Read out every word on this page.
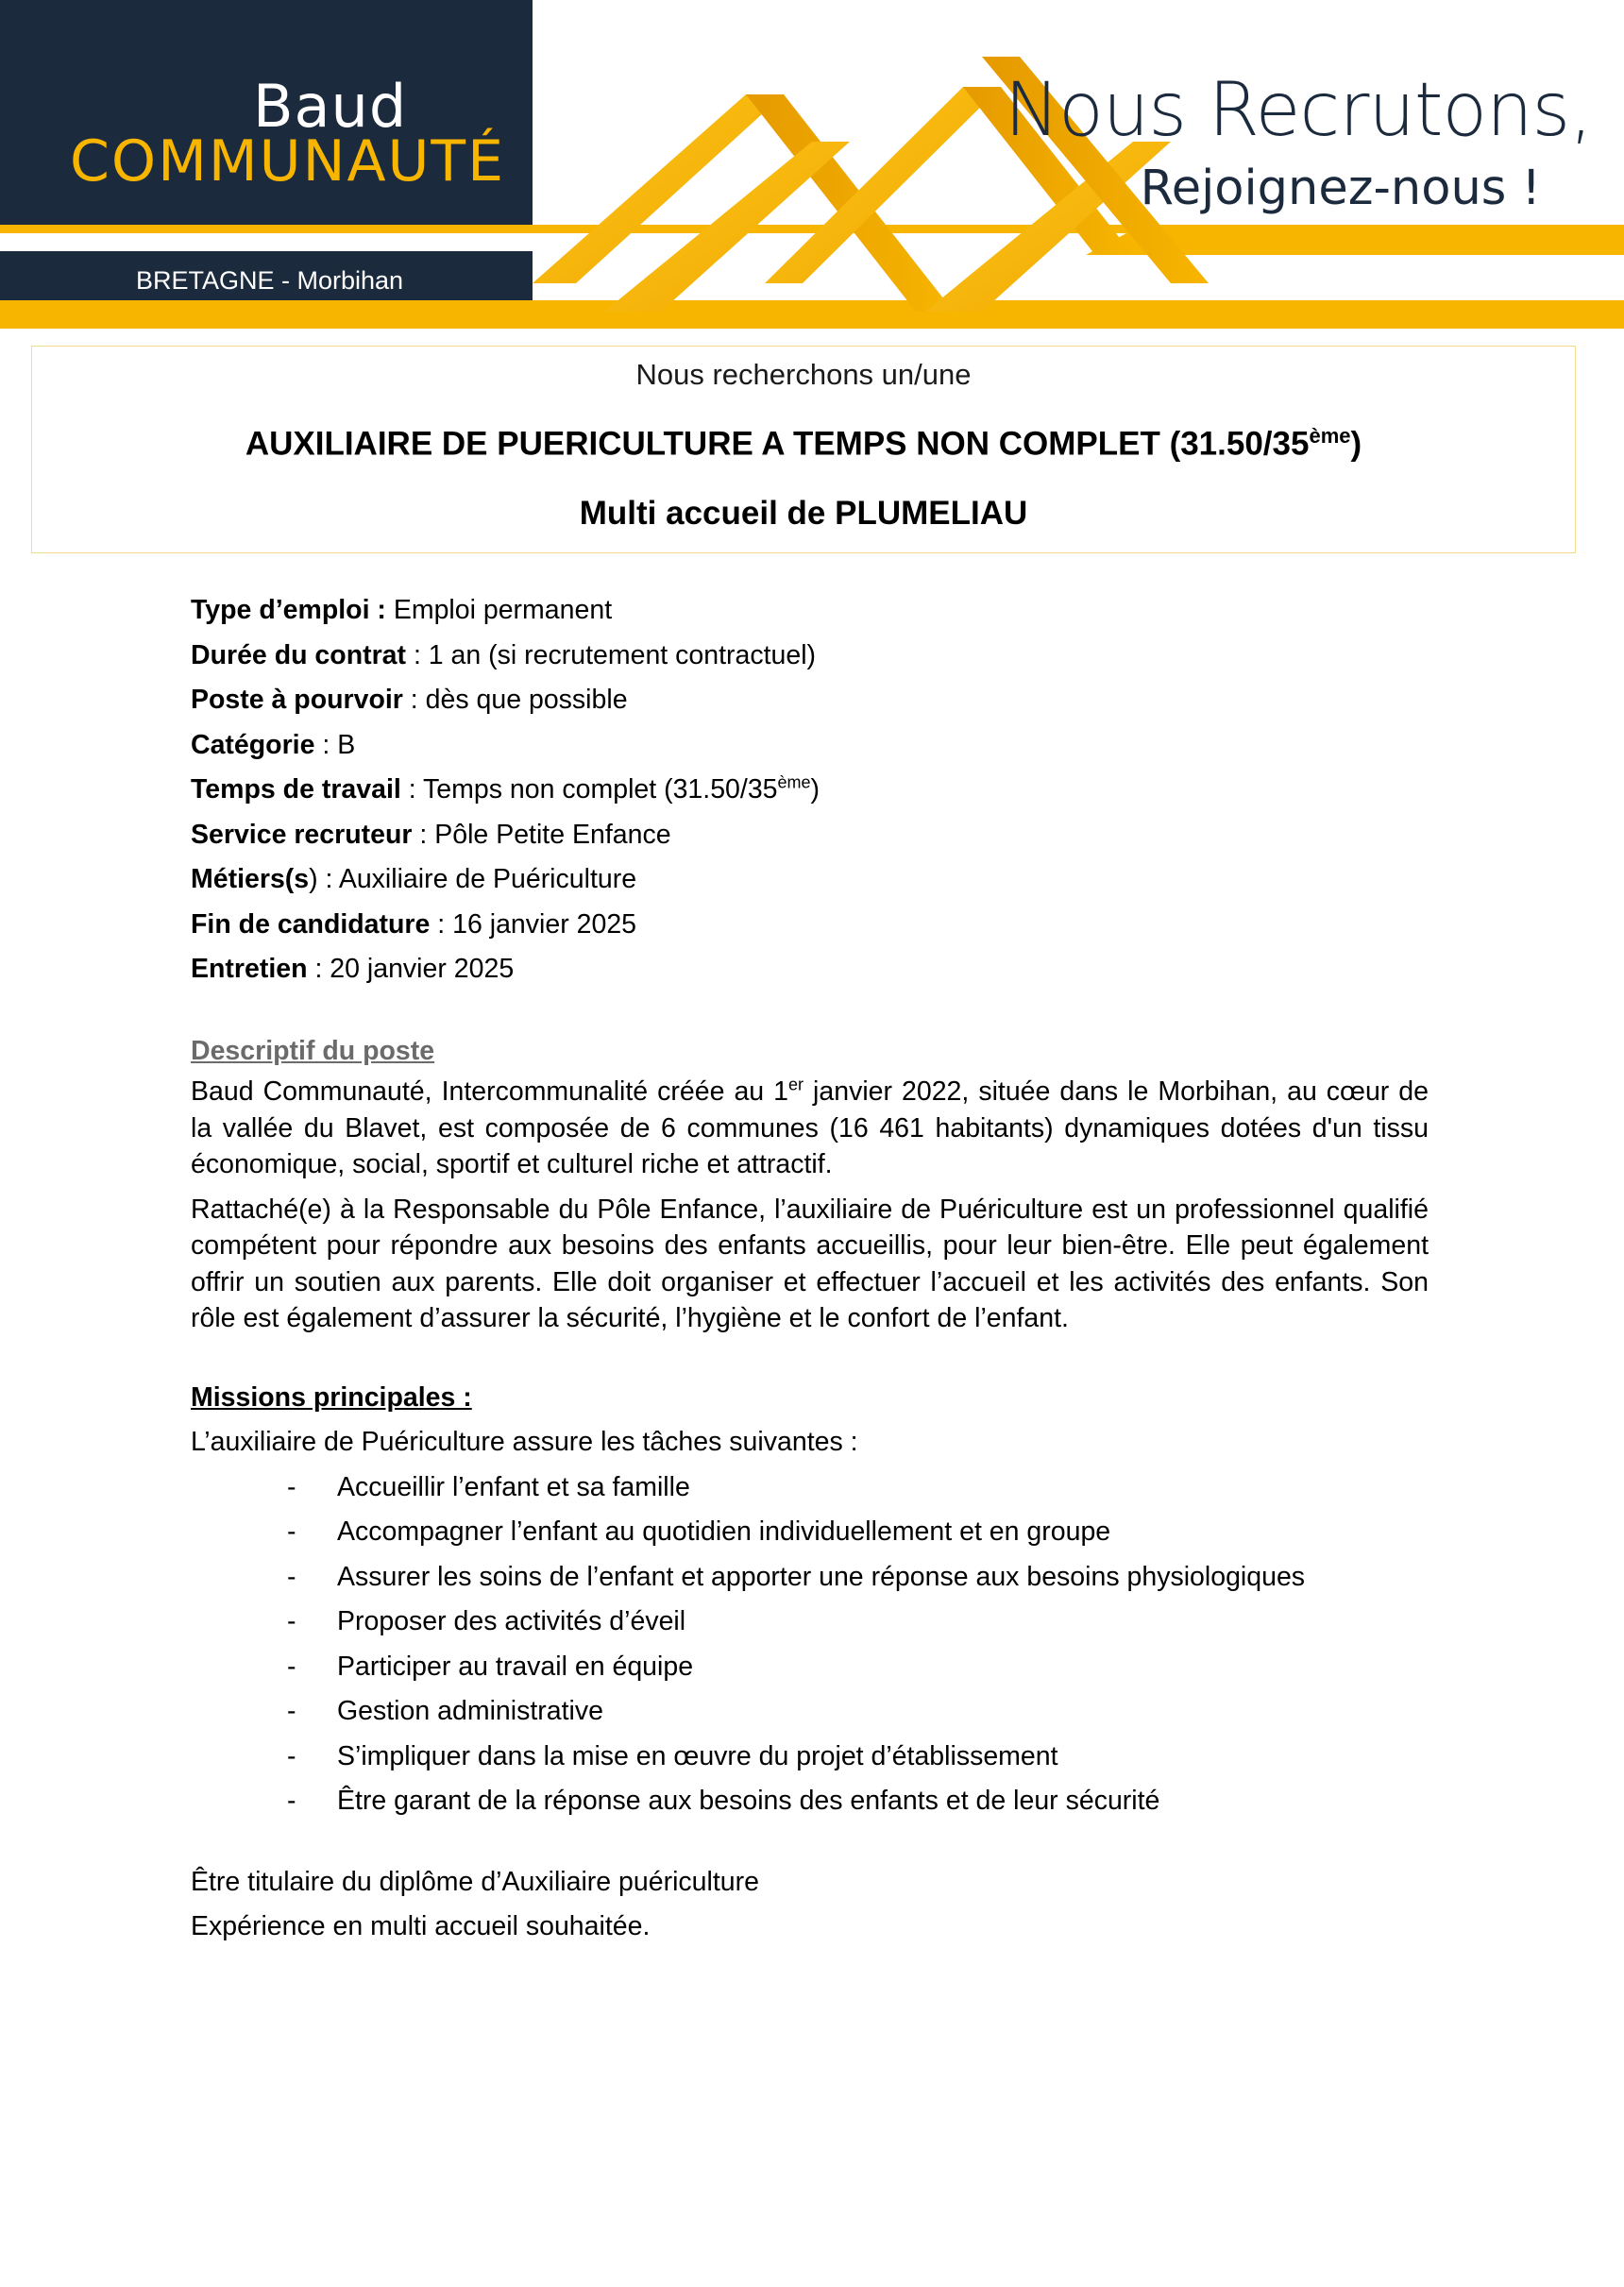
Baud
COMMUNAUTÉ
BRETAGNE - Morbihan
Nous Recrutons,
Rejoignez-nous !
Nous recherchons un/une
AUXILIAIRE DE PUERICULTURE A TEMPS NON COMPLET (31.50/35ème)
Multi accueil de PLUMELIAU
Type d’emploi : Emploi permanent
Durée du contrat : 1 an (si recrutement contractuel)
Poste à pourvoir : dès que possible
Catégorie : B
Temps de travail : Temps non complet (31.50/35ème)
Service recruteur : Pôle Petite Enfance
Métiers(s) : Auxiliaire de Puériculture
Fin de candidature : 16 janvier 2025
Entretien : 20 janvier 2025
Descriptif du poste
Baud Communauté, Intercommunalité créée au 1er janvier 2022, située dans le Morbihan, au cœur de la vallée du Blavet, est composée de 6 communes (16 461 habitants) dynamiques dotées d'un tissu économique, social, sportif et culturel riche et attractif.
Rattaché(e) à la Responsable du Pôle Enfance, l’auxiliaire de Puériculture est un professionnel qualifié compétent pour répondre aux besoins des enfants accueillis, pour leur bien-être. Elle peut également offrir un soutien aux parents. Elle doit organiser et effectuer l’accueil et les activités des enfants. Son rôle est également d’assurer la sécurité, l’hygiène et le confort de l’enfant.
Missions principales :
L’auxiliaire de Puériculture assure les tâches suivantes :
- Accueillir l’enfant et sa famille
- Accompagner l’enfant au quotidien individuellement et en groupe
- Assurer les soins de l’enfant et apporter une réponse aux besoins physiologiques
- Proposer des activités d’éveil
- Participer au travail en équipe
- Gestion administrative
- S’impliquer dans la mise en œuvre du projet d’établissement
- Être garant de la réponse aux besoins des enfants et de leur sécurité
Être titulaire du diplôme d’Auxiliaire puériculture
Expérience en multi accueil souhaitée.
